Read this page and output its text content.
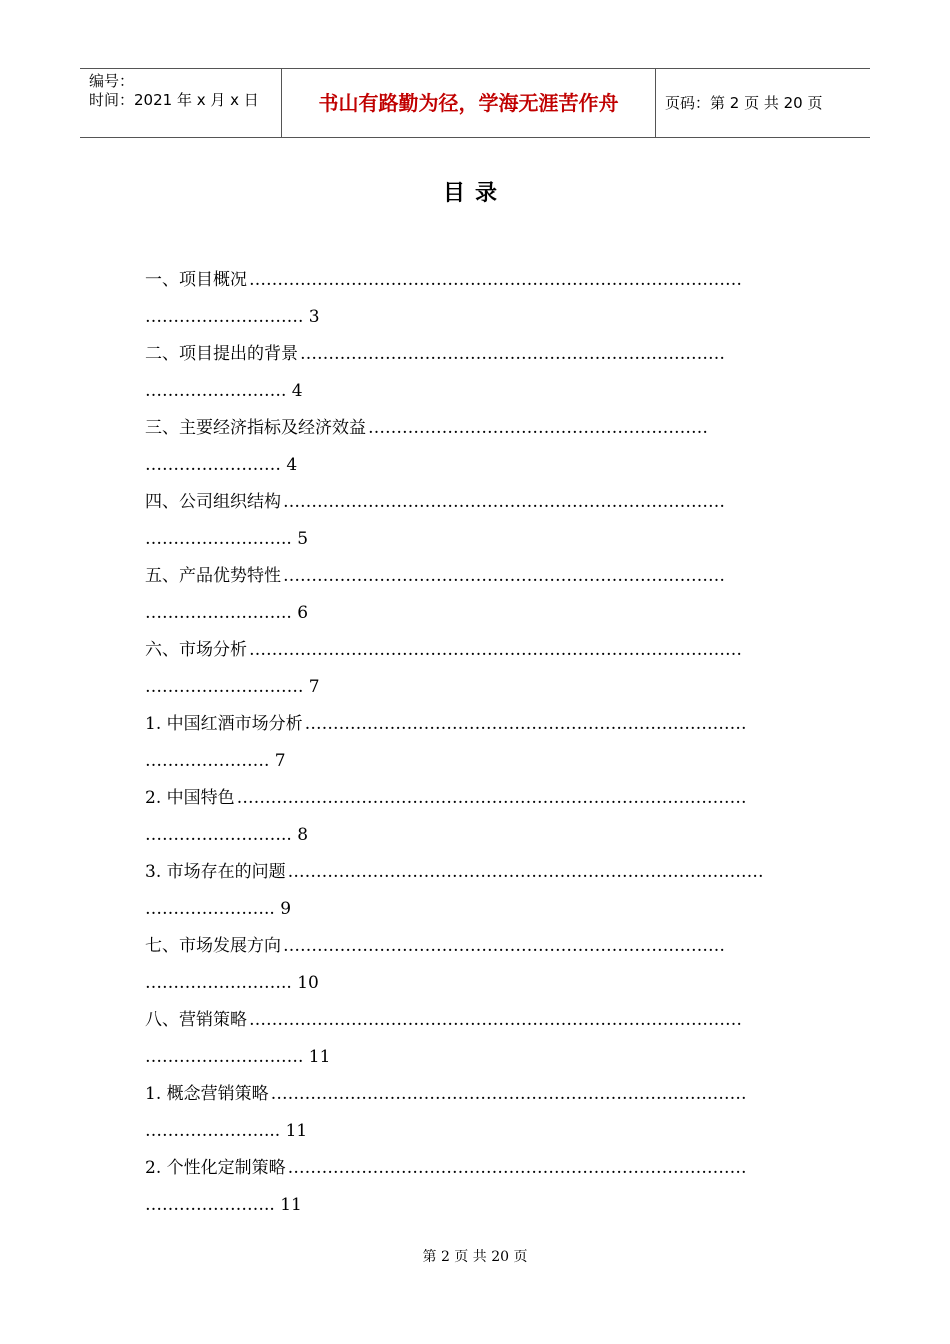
编号：
时间：2021 年 x 月 x 日	书山有路勤为径，学海无涯苦作舟	页码：第 2 页 共 20 页
目录
一、项目概况 ……………………………………………………………………………
………………………. 3
二、项目提出的背景 …………………………………………………………………
……………………. 4
三、主要经济指标及经济效益 ……………………………………………………
…………………… 4
四、公司组织结构 ……………………………………………………………………
…………………….. 5
五、产品优势特性 ……………………………………………………………………
…………………….. 6
六、市场分析 ……………………………………………………………………………
………………………. 7
1. 中国红酒市场分析 ……………………………………………………………………
…………………. 7
2. 中国特色 ………………………………………………………………………………
…………………….. 8
3. 市场存在的问题 …………………………………………………………………………
………………….. 9
七、市场发展方向 ……………………………………………………………………
…………………….. 10
八、营销策略 ……………………………………………………………………………
………………………. 11
1. 概念营销策略 …………………………………………………………………………
…………………... 11
2. 个性化定制策略 ………………………………………………………………………
………………….. 11
第 2 页 共 20 页
